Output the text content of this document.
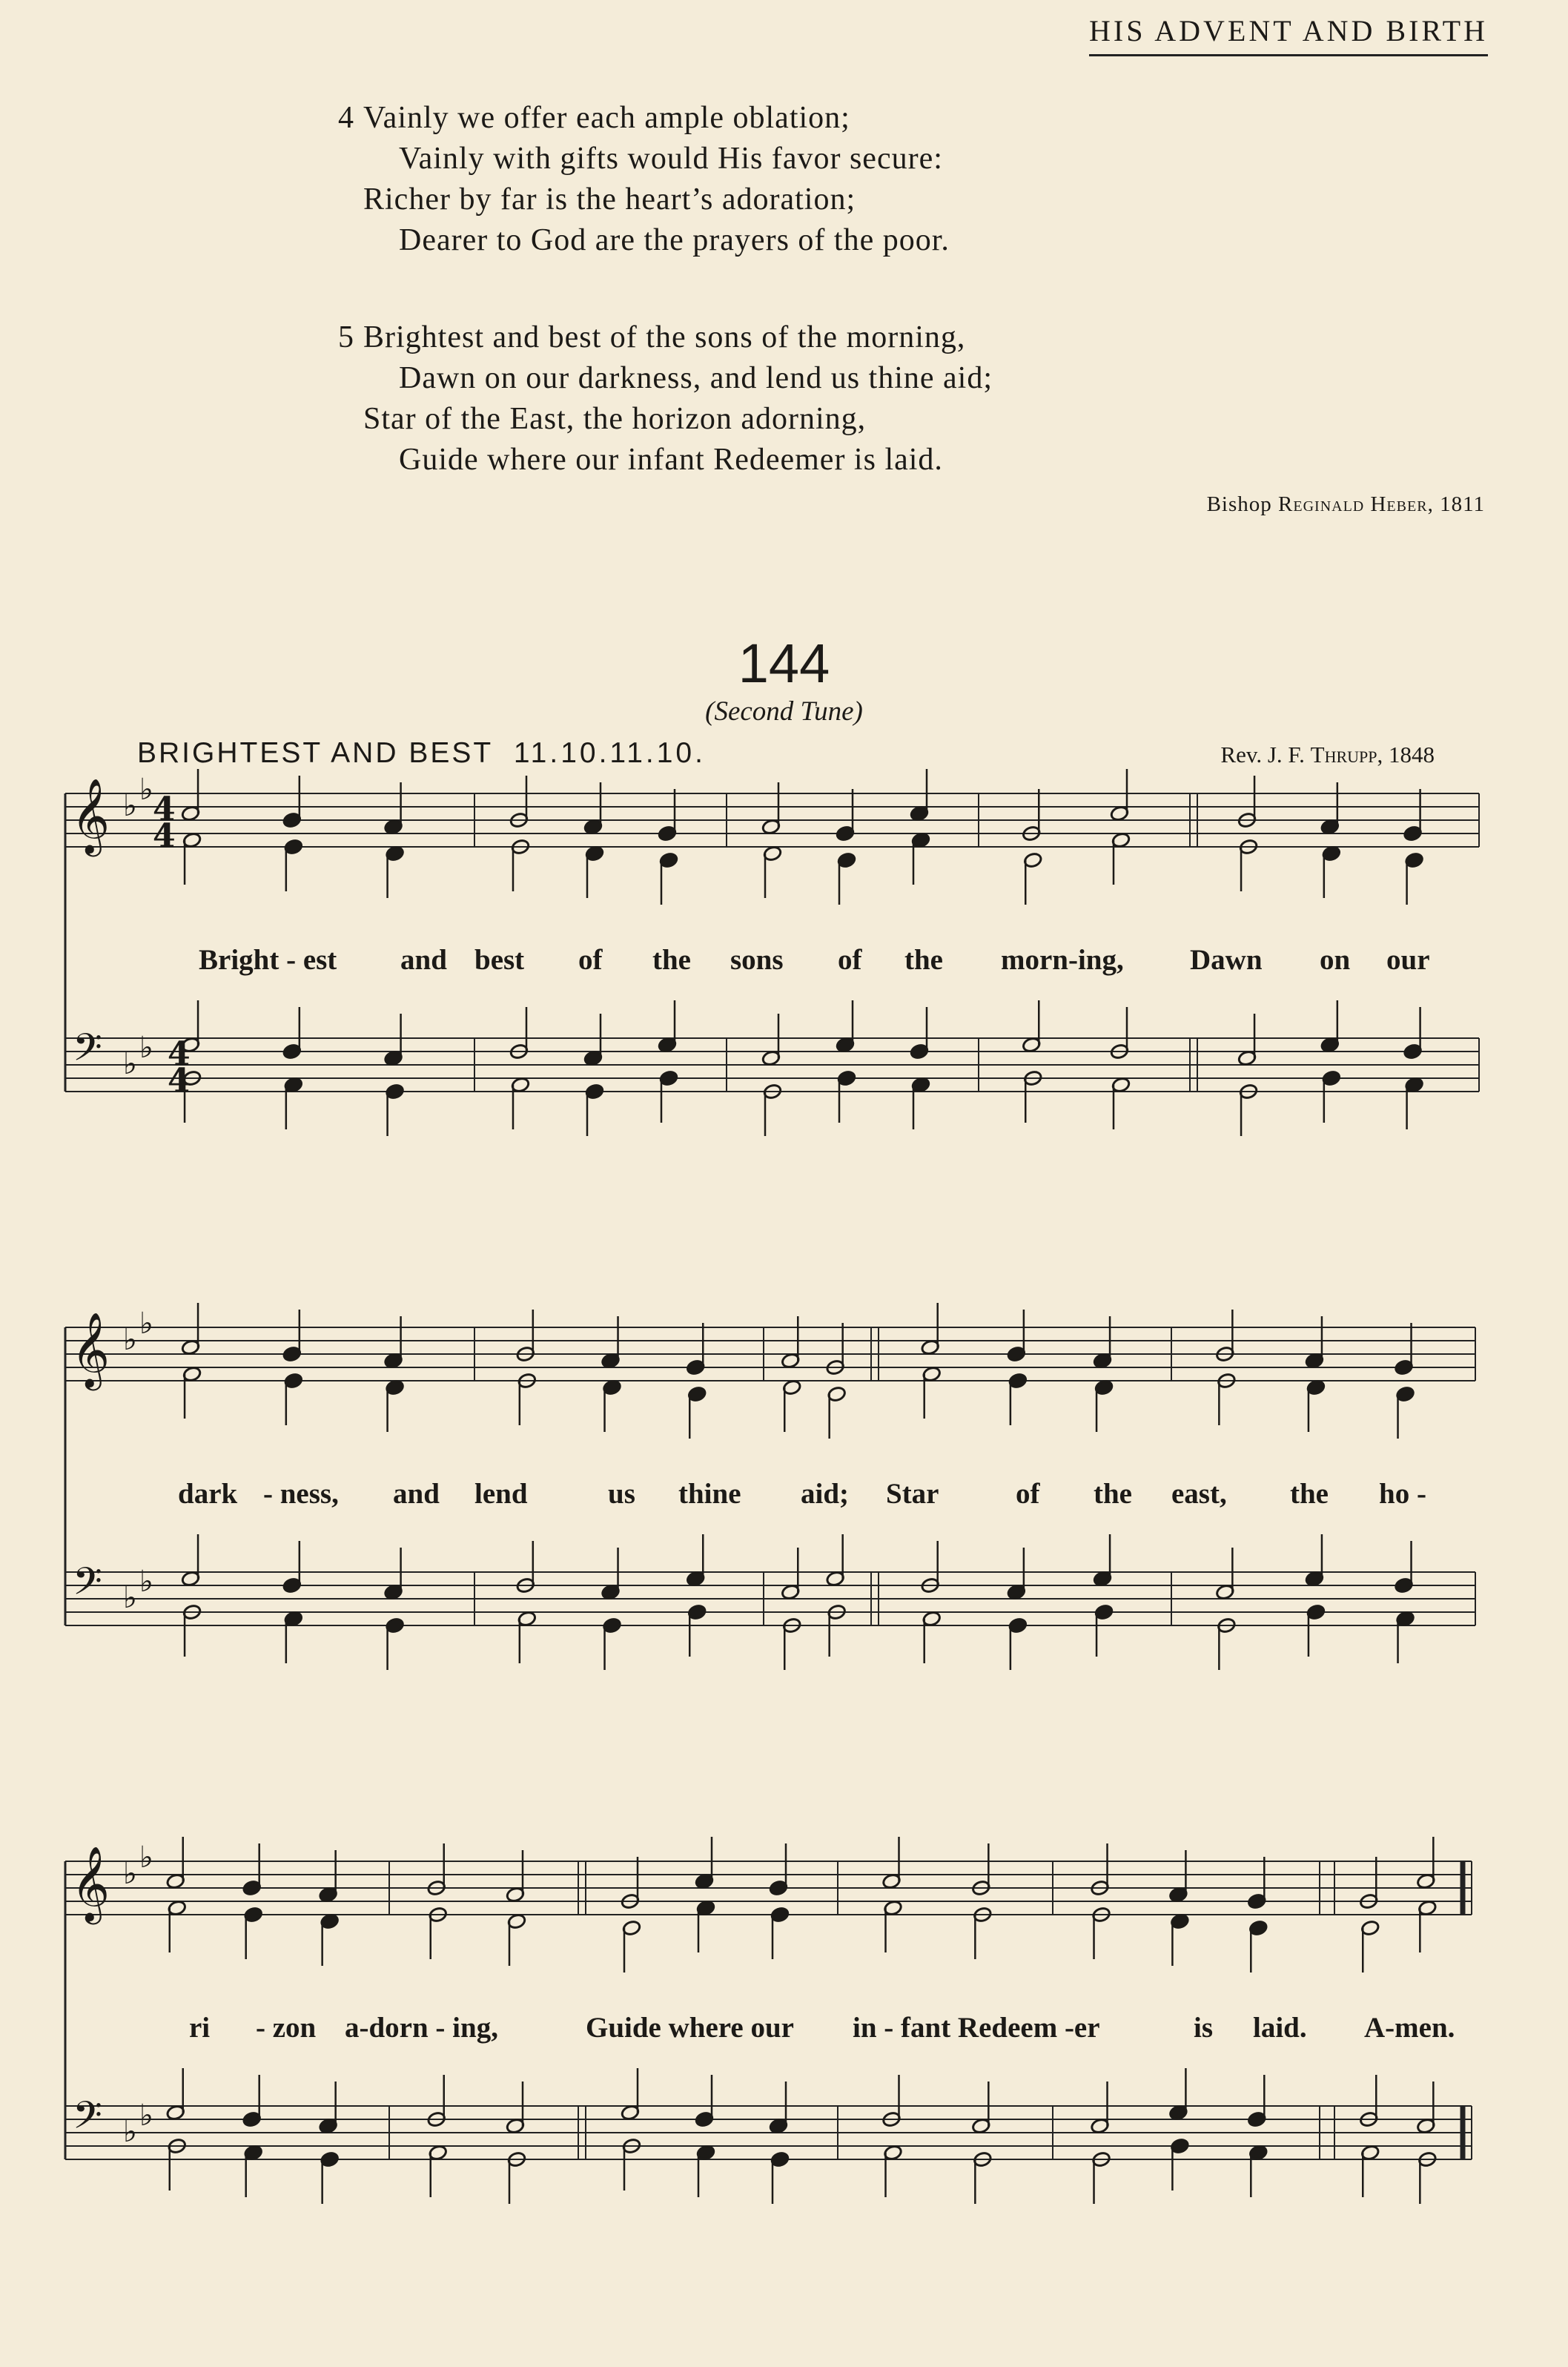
HIS ADVENT AND BIRTH
4 Vainly we offer each ample oblation;
Vainly with gifts would His favor secure:
Richer by far is the heart’s adoration;
Dearer to God are the prayers of the poor.
5 Brightest and best of the sons of the morning,
Dawn on our darkness, and lend us thine aid;
Star of the East, the horizon adorning,
Guide where our infant Redeemer is laid.
Bishop Reginald Heber, 1811
144
(Second Tune)
BRIGHTEST AND BEST 11.10.11.10.	Rev. J. F. Thrupp, 1848
𝄞
𝄢
♭ ♭
♭ ♭
4
4
4
4
𝄞
𝄢
♭ ♭
♭ ♭
𝄞
𝄢
♭ ♭
♭ ♭
Bright - est and best of the sons of the morn-ing, Dawn on our
dark - ness, and lend	us thine aid; Star	of the east, the ho -
ri - zon a-dorn - ing,	Guide where our in - fant Redeem -er	is laid. A-men.
